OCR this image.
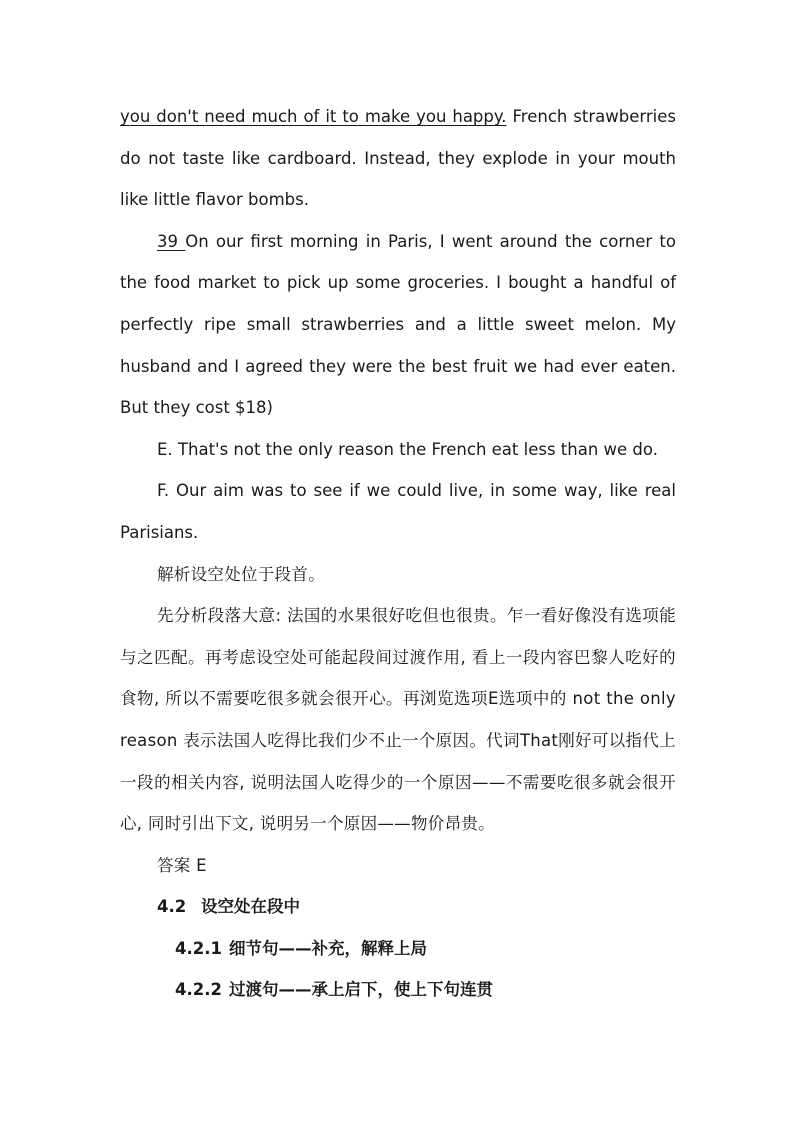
you don't need much of it to make you happy. French strawberries do not taste like cardboard. Instead, they explode in your mouth like little flavor bombs.

39 On our first morning in Paris, I went around the corner to the food market to pick up some groceries. I bought a handful of perfectly ripe small strawberries and a little sweet melon. My husband and I agreed they were the best fruit we had ever eaten. But they cost $18)

E. That's not the only reason the French eat less than we do.

F. Our aim was to see if we could live, in some way, like real Parisians.

解析设空处位于段首。

先分析段落大意: 法国的水果很好吃但也很贵。乍一看好像没有选项能与之匹配。再考虑设空处可能起段间过渡作用, 看上一段内容巴黎人吃好的食物, 所以不需要吃很多就会很开心。再浏览选项E选项中的 not the only reason 表示法国人吃得比我们少不止一个原因。代词That刚好可以指代上一段的相关内容, 说明法国人吃得少的一个原因——不需要吃很多就会很开心, 同时引出下文, 说明另一个原因——物价昂贵。

答案 E

4.2 设空处在段中

4.2.1 细节句——补充，解释上局

4.2.2 过渡句——承上启下，使上下句连贯
